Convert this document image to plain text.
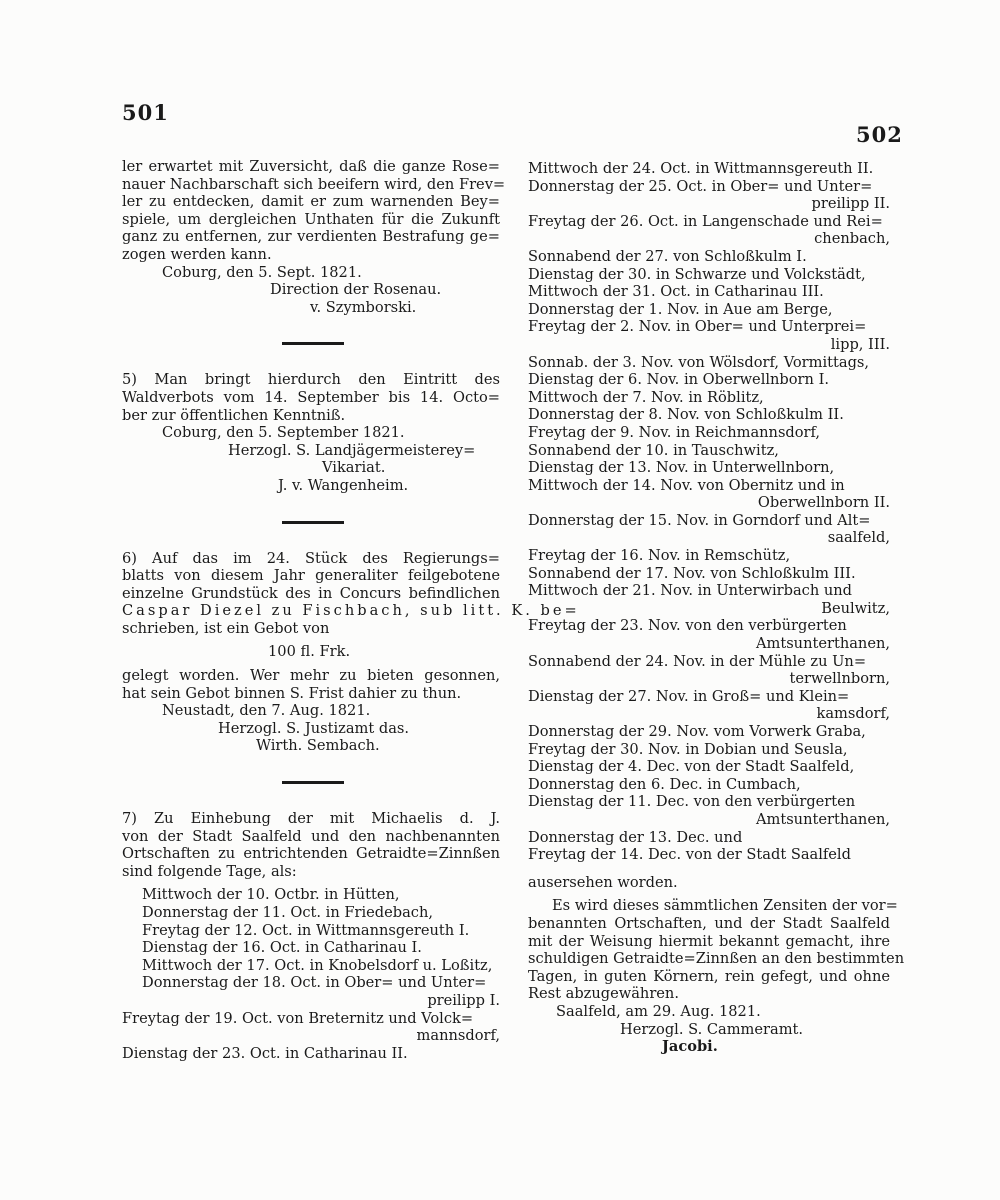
501
502
ler erwartet mit Zuversicht, daß die ganze Rose=
nauer Nachbarschaft sich beeifern wird, den Frev=
ler zu entdecken, damit er zum warnenden Bey=
spiele, um dergleichen Unthaten für die Zukunft
ganz zu entfernen, zur verdienten Bestrafung ge=
zogen werden kann.
Coburg, den 5. Sept. 1821.
Direction der Rosenau.
v. Szymborski.
5) Man bringt hierdurch den Eintritt des
Waldverbots vom 14. September bis 14. Octo=
ber zur öffentlichen Kenntniß.
Coburg, den 5. September 1821.
Herzogl. S. Landjägermeisterey=
Vikariat.
J. v. Wangenheim.
6) Auf das im 24. Stück des Regierungs=
blatts von diesem Jahr generaliter feilgebotene
einzelne Grundstück des in Concurs befindlichen
Caspar Diezel zu Fischbach, sub litt. K. be=
schrieben, ist ein Gebot von
100 fl. Frk.
gelegt worden. Wer mehr zu bieten gesonnen,
hat sein Gebot binnen S. Frist dahier zu thun.
Neustadt, den 7. Aug. 1821.
Herzogl. S. Justizamt das.
Wirth. Sembach.
7) Zu Einhebung der mit Michaelis d. J.
von der Stadt Saalfeld und den nachbenannten
Ortschaften zu entrichtenden Getraidte=Zinnßen
sind folgende Tage, als:
Mittwoch der 10. Octbr. in Hütten,
Donnerstag der 11. Oct. in Friedebach,
Freytag der 12. Oct. in Wittmannsgereuth I.
Dienstag der 16. Oct. in Catharinau I.
Mittwoch der 17. Oct. in Knobelsdorf u. Loßitz,
Donnerstag der 18. Oct. in Ober= und Unter=
preilipp I.
Freytag der 19. Oct. von Breternitz und Volck=
mannsdorf,
Dienstag der 23. Oct. in Catharinau II.
Mittwoch der 24. Oct. in Wittmannsgereuth II.
Donnerstag der 25. Oct. in Ober= und Unter=
preilipp II.
Freytag der 26. Oct. in Langenschade und Rei=
chenbach,
Sonnabend der 27. von Schloßkulm I.
Dienstag der 30. in Schwarze und Volckstädt,
Mittwoch der 31. Oct. in Catharinau III.
Donnerstag der 1. Nov. in Aue am Berge,
Freytag der 2. Nov. in Ober= und Unterprei=
lipp, III.
Sonnab. der 3. Nov. von Wölsdorf, Vormittags,
Dienstag der 6. Nov. in Oberwellnborn I.
Mittwoch der 7. Nov. in Röblitz,
Donnerstag der 8. Nov. von Schloßkulm II.
Freytag der 9. Nov. in Reichmannsdorf,
Sonnabend der 10. in Tauschwitz,
Dienstag der 13. Nov. in Unterwellnborn,
Mittwoch der 14. Nov. von Obernitz und in
Oberwellnborn II.
Donnerstag der 15. Nov. in Gorndorf und Alt=
saalfeld,
Freytag der 16. Nov. in Remschütz,
Sonnabend der 17. Nov. von Schloßkulm III.
Mittwoch der 21. Nov. in Unterwirbach und
Beulwitz,
Freytag der 23. Nov. von den verbürgerten
Amtsunterthanen,
Sonnabend der 24. Nov. in der Mühle zu Un=
terwellnborn,
Dienstag der 27. Nov. in Groß= und Klein=
kamsdorf,
Donnerstag der 29. Nov. vom Vorwerk Graba,
Freytag der 30. Nov. in Dobian und Seusla,
Dienstag der 4. Dec. von der Stadt Saalfeld,
Donnerstag den 6. Dec. in Cumbach,
Dienstag der 11. Dec. von den verbürgerten
Amtsunterthanen,
Donnerstag der 13. Dec. und
Freytag der 14. Dec. von der Stadt Saalfeld
ausersehen worden.
Es wird dieses sämmtlichen Zensiten der vor=
benannten Ortschaften, und der Stadt Saalfeld
mit der Weisung hiermit bekannt gemacht, ihre
schuldigen Getraidte=Zinnßen an den bestimmten
Tagen, in guten Körnern, rein gefegt, und ohne
Rest abzugewähren.
Saalfeld, am 29. Aug. 1821.
Herzogl. S. Cammeramt.
Jacobi.
